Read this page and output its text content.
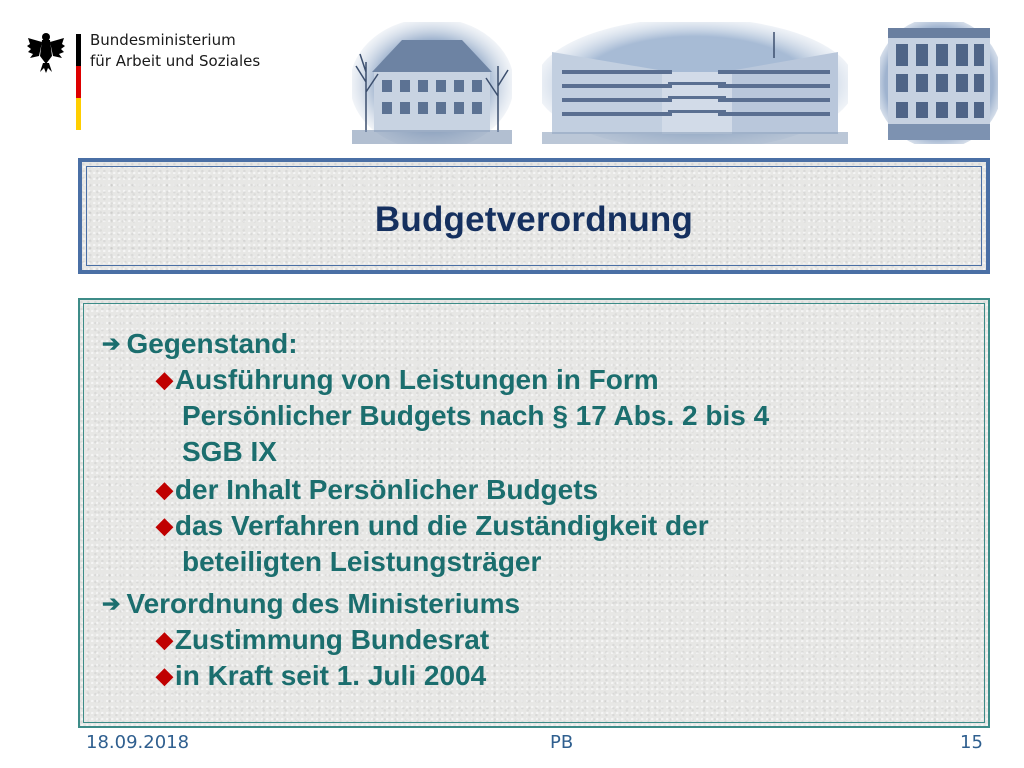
Bundesministerium
für Arbeit und Soziales
Budgetverordnung
➔ Gegenstand:
◆Ausführung von Leistungen in Form
Persönlicher Budgets nach § 17 Abs. 2 bis 4
SGB IX
◆der Inhalt Persönlicher Budgets
◆das Verfahren und die Zuständigkeit der
beteiligten Leistungsträger
➔ Verordnung des Ministeriums
◆Zustimmung Bundesrat
◆in Kraft seit 1. Juli 2004
18.09.2018	PB	15
